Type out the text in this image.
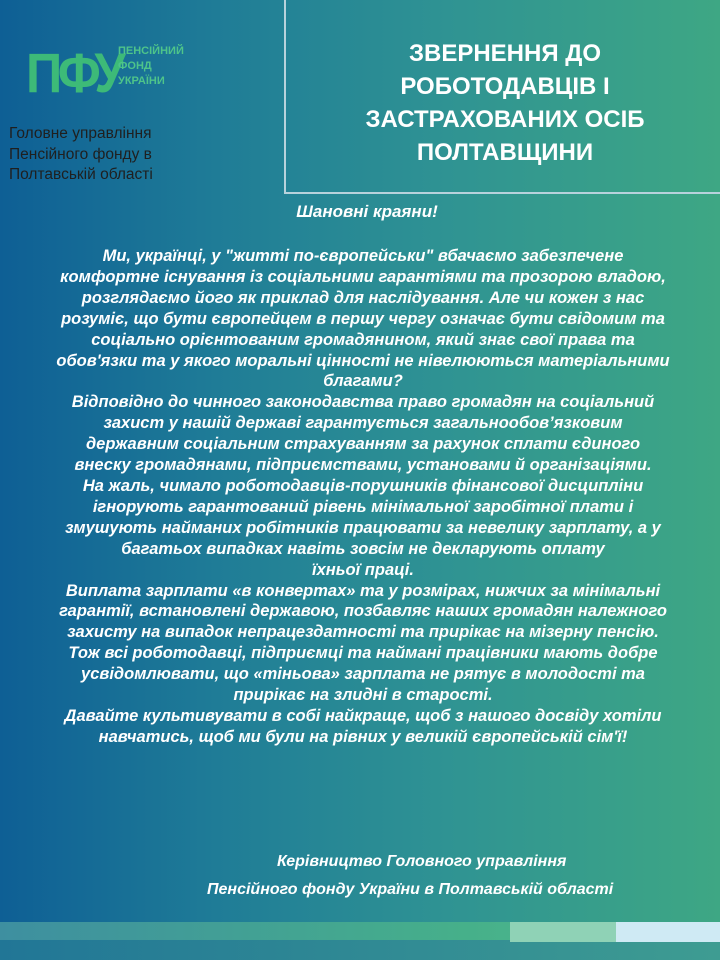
ПФУ
ПЕНСІЙНИЙ
ФОНД
УКРАЇНИ
Головне управління
Пенсійного фонду в
Полтавській області
ЗВЕРНЕННЯ ДО
РОБОТОДАВЦІВ І
ЗАСТРАХОВАНИХ ОСІБ
ПОЛТАВЩИНИ
Шановні краяни!
Ми, українці, у "житті по-європейськи" вбачаємо забезпечене
комфортне існування із соціальними гарантіями та прозорою владою,
розглядаємо його як приклад для наслідування. Але чи кожен з нас
розуміє, що бути європейцем в першу чергу означає бути свідомим та
соціально орієнтованим громадянином, який знає свої права та
обов'язки та у якого моральні цінності не нівелюються матеріальними
благами?
Відповідно до чинного законодавства право громадян на соціальний
захист у нашій державі гарантується загальнообов’язковим
державним соціальним страхуванням за рахунок сплати єдиного
внеску громадянами, підприємствами, установами й організаціями.
На жаль, чимало роботодавців-порушників фінансової дисципліни
ігнорують гарантований рівень мінімальної заробітної плати і
змушують найманих робітників працювати за невелику зарплату, а у
багатьох випадках навіть зовсім не декларують оплату
їхньої праці.
Виплата зарплати «в конвертах» та у розмірах, нижчих за мінімальні
гарантії, встановлені державою, позбавляє наших громадян належного
захисту на випадок непрацездатності та прирікає на мізерну пенсію.
Тож всі роботодавці, підприємці та наймані працівники мають добре
усвідомлювати, що «тіньова» зарплата не рятує в молодості та
прирікає на злидні в старості.
Давайте культивувати в собі найкраще, щоб з нашого досвіду хотіли
навчатись, щоб ми були на рівних у великій європейській сім'ї!
Керівництво Головного управління
Пенсійного фонду України в Полтавській області
